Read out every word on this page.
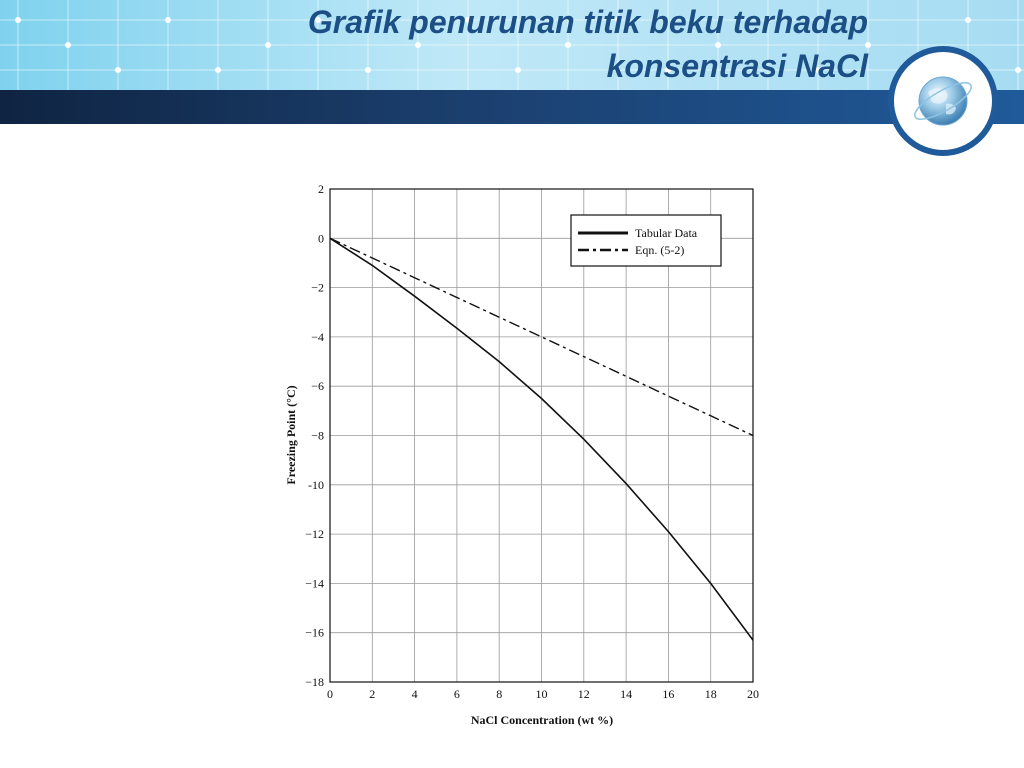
Grafik penurunan titik beku terhadap
konsentrasi NaCl
0	2	4	6	8	10	12	14	16	18	20
2
0
−2
−4
−6
−8
-10
−12
−14
−16
−18
NaCl Concentration (wt %)
Freezing Point (°C)
Tabular Data
Eqn. (5-2)
